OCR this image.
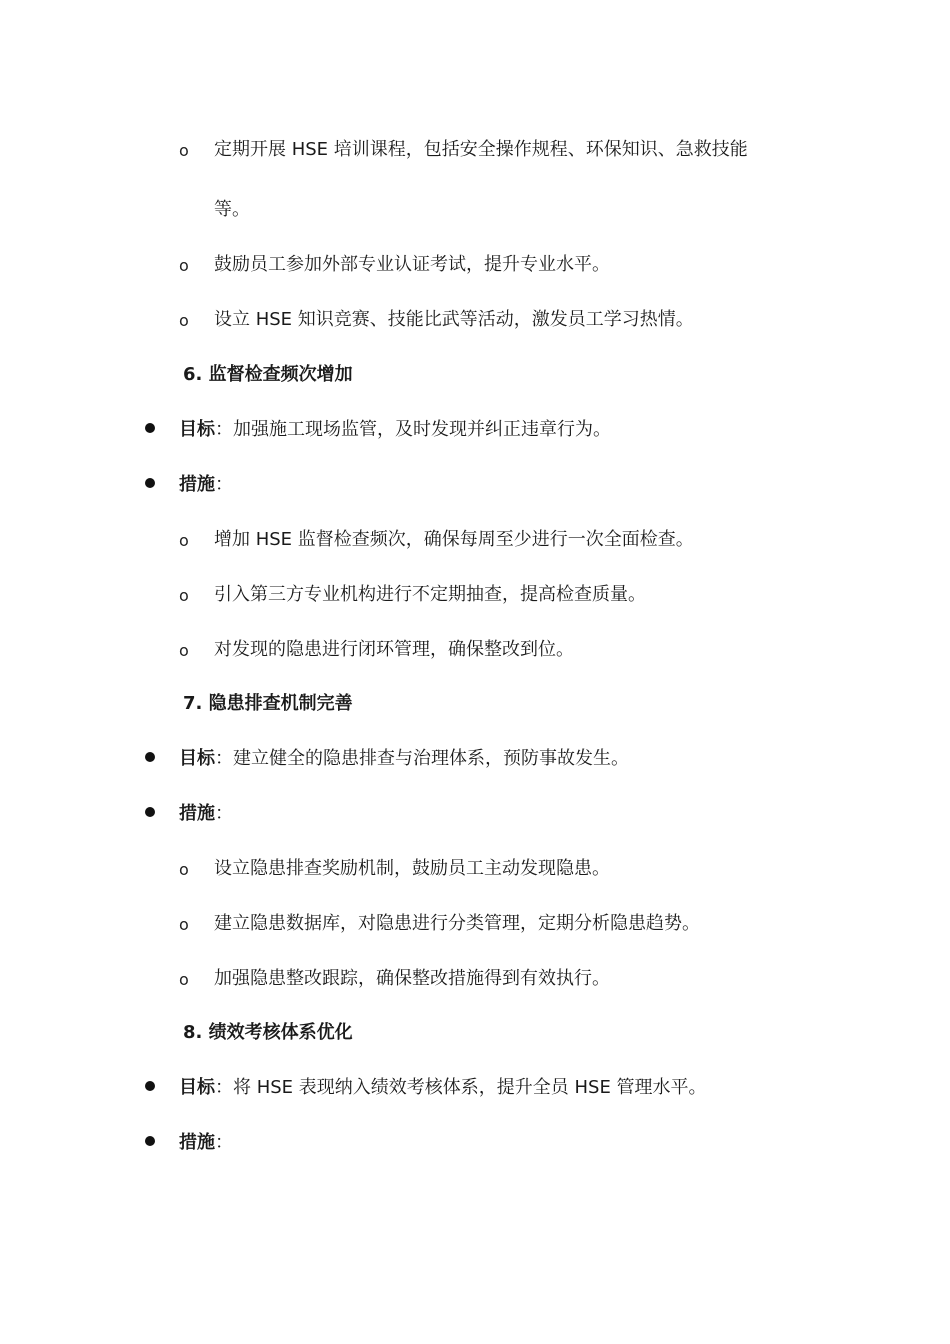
o 定期开展 HSE 培训课程，包括安全操作规程、环保知识、急救技能
等。
o 鼓励员工参加外部专业认证考试，提升专业水平。
o 设立 HSE 知识竞赛、技能比武等活动，激发员工学习热情。
6. 监督检查频次增加
目标：加强施工现场监管，及时发现并纠正违章行为。
措施：
o 增加 HSE 监督检查频次，确保每周至少进行一次全面检查。
o 引入第三方专业机构进行不定期抽查，提高检查质量。
o 对发现的隐患进行闭环管理，确保整改到位。
7. 隐患排查机制完善
目标：建立健全的隐患排查与治理体系，预防事故发生。
措施：
o 设立隐患排查奖励机制，鼓励员工主动发现隐患。
o 建立隐患数据库，对隐患进行分类管理，定期分析隐患趋势。
o 加强隐患整改跟踪，确保整改措施得到有效执行。
8. 绩效考核体系优化
目标：将 HSE 表现纳入绩效考核体系，提升全员 HSE 管理水平。
措施：
